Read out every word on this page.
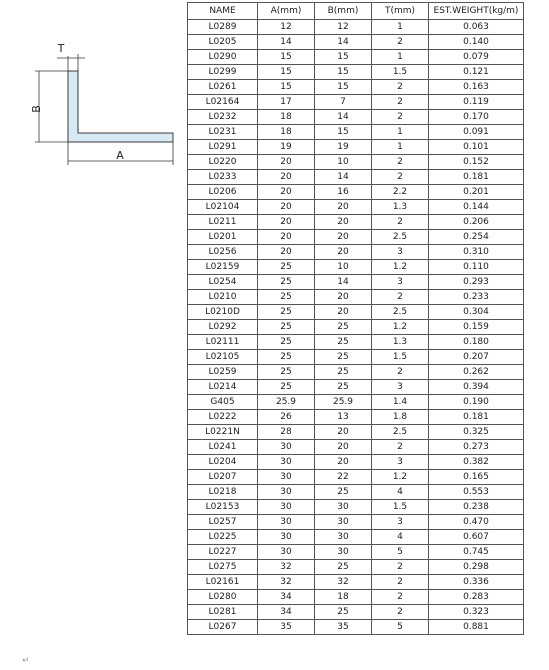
B
A
T
NAME	A(mm)	B(mm)	T(mm)	EST.WEIGHT(kg/m)
L0289	12	12	1	0.063
L0205	14	14	2	0.140
L0290	15	15	1	0.079
L0299	15	15	1.5	0.121
L0261	15	15	2	0.163
L02164	17	7	2	0.119
L0232	18	14	2	0.170
L0231	18	15	1	0.091
L0291	19	19	1	0.101
L0220	20	10	2	0.152
L0233	20	14	2	0.181
L0206	20	16	2.2	0.201
L02104	20	20	1.3	0.144
L0211	20	20	2	0.206
L0201	20	20	2.5	0.254
L0256	20	20	3	0.310
L02159	25	10	1.2	0.110
L0254	25	14	3	0.293
L0210	25	20	2	0.233
L0210D	25	20	2.5	0.304
L0292	25	25	1.2	0.159
L02111	25	25	1.3	0.180
L02105	25	25	1.5	0.207
L0259	25	25	2	0.262
L0214	25	25	3	0.394
G405	25.9	25.9	1.4	0.190
L0222	26	13	1.8	0.181
L0221N	28	20	2.5	0.325
L0241	30	20	2	0.273
L0204	30	20	3	0.382
L0207	30	22	1.2	0.165
L0218	30	25	4	0.553
L02153	30	30	1.5	0.238
L0257	30	30	3	0.470
L0225	30	30	4	0.607
L0227	30	30	5	0.745
L0275	32	25	2	0.298
L02161	32	32	2	0.336
L0280	34	18	2	0.283
L0281	34	25	2	0.323
L0267	35	35	5	0.881
↵
